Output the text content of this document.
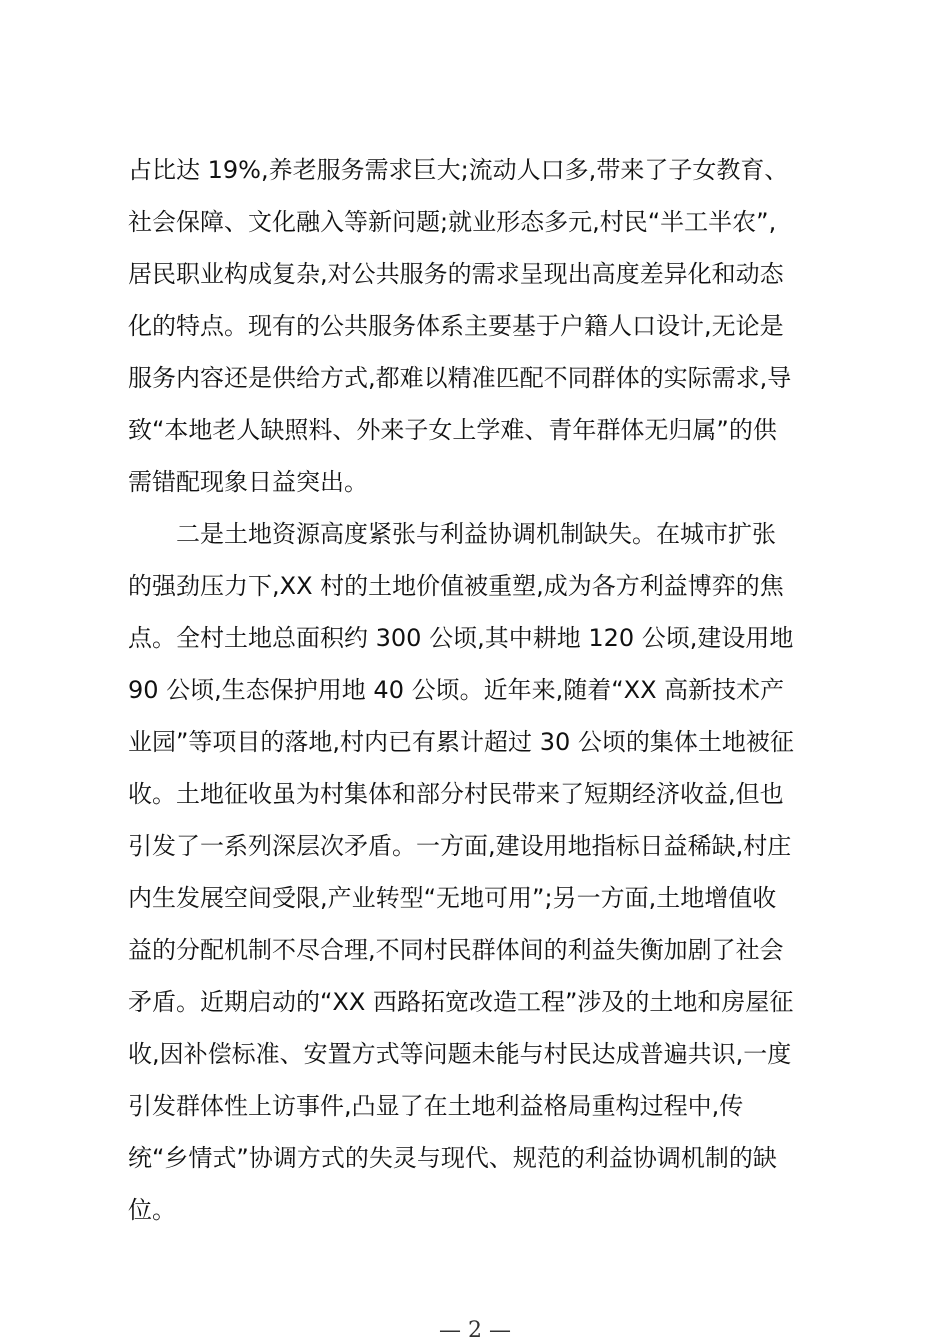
占比达 19%,养老服务需求巨大;流动人口多,带来了子女教育、
社会保障、文化融入等新问题;就业形态多元,村民“半工半农”,
居民职业构成复杂,对公共服务的需求呈现出高度差异化和动态
化的特点。现有的公共服务体系主要基于户籍人口设计,无论是
服务内容还是供给方式,都难以精准匹配不同群体的实际需求,导
致“本地老人缺照料、外来子女上学难、青年群体无归属”的供
需错配现象日益突出。
二是土地资源高度紧张与利益协调机制缺失。在城市扩张
的强劲压力下,XX 村的土地价值被重塑,成为各方利益博弈的焦
点。全村土地总面积约 300 公顷,其中耕地 120 公顷,建设用地
90 公顷,生态保护用地 40 公顷。近年来,随着“XX 高新技术产
业园”等项目的落地,村内已有累计超过 30 公顷的集体土地被征
收。土地征收虽为村集体和部分村民带来了短期经济收益,但也
引发了一系列深层次矛盾。一方面,建设用地指标日益稀缺,村庄
内生发展空间受限,产业转型“无地可用”;另一方面,土地增值收
益的分配机制不尽合理,不同村民群体间的利益失衡加剧了社会
矛盾。近期启动的“XX 西路拓宽改造工程”涉及的土地和房屋征
收,因补偿标准、安置方式等问题未能与村民达成普遍共识,一度
引发群体性上访事件,凸显了在土地利益格局重构过程中,传
统“乡情式”协调方式的失灵与现代、规范的利益协调机制的缺
位。
— 2 —
